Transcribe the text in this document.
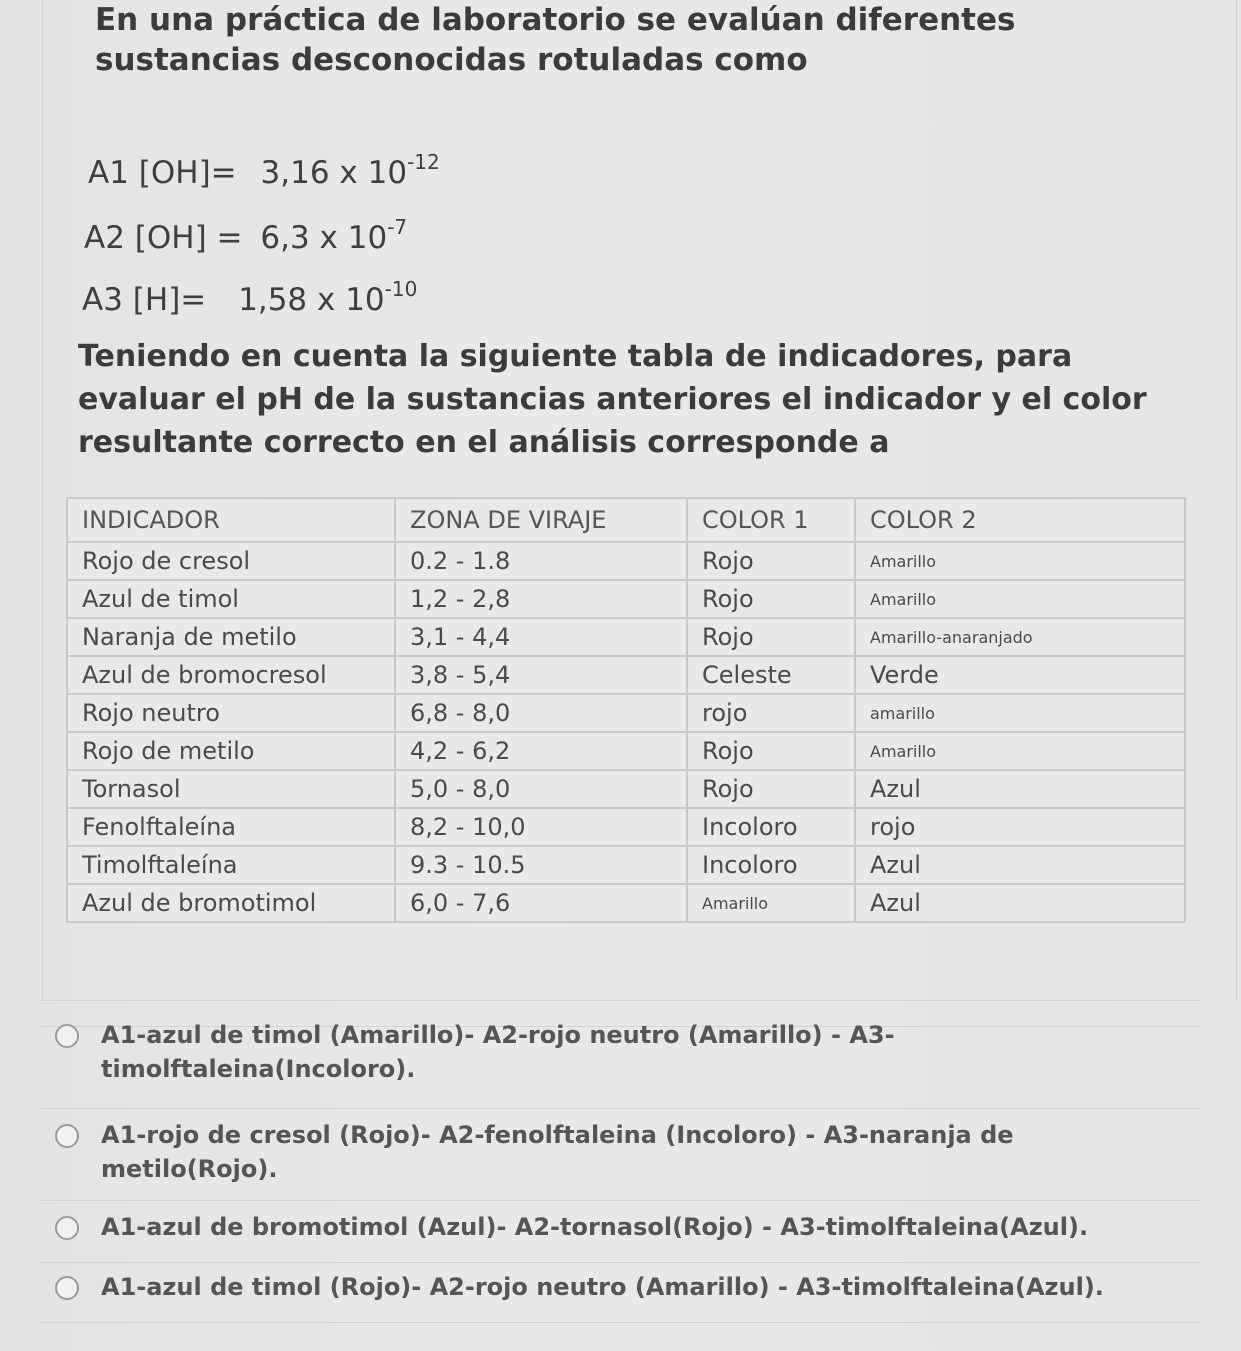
En una práctica de laboratorio se evalúan diferentes sustancias desconocidas rotuladas como

A1 [OH]= 3,16 x $10^{-12}$
A2 [OH] = 6,3 x $10^{-7}$
A3 [H]= 1,58 x $10^{-10}$

Teniendo en cuenta la siguiente tabla de indicadores, para evaluar el pH de la sustancias anteriores el indicador y el color resultante correcto en el análisis corresponde a

INDICADOR	ZONA DE VIRAJE	COLOR 1	COLOR 2
Rojo de cresol	0.2 - 1.8	Rojo	Amarillo
Azul de timol	1,2 - 2,8	Rojo	Amarillo
Naranja de metilo	3,1 - 4,4	Rojo	Amarillo-anaranjado
Azul de bromocresol	3,8 - 5,4	Celeste	Verde
Rojo neutro	6,8 - 8,0	rojo	amarillo
Rojo de metilo	4,2 - 6,2	Rojo	Amarillo
Tornasol	5,0 - 8,0	Rojo	Azul
Fenolftaleína	8,2 - 10,0	Incoloro	rojo
Timolftaleína	9.3 - 10.5	Incoloro	Azul
Azul de bromotimol	6,0 - 7,6	Amarillo	Azul
A1-azul de timol (Amarillo)- A2-rojo neutro (Amarillo) - A3-timolftaleina(Incoloro).
A1-rojo de cresol (Rojo)- A2-fenolftaleina (Incoloro) - A3-naranja de metilo(Rojo).
A1-azul de bromotimol (Azul)- A2-tornasol(Rojo) - A3-timolftaleina(Azul).
A1-azul de timol (Rojo)- A2-rojo neutro (Amarillo) - A3-timolftaleina(Azul).
